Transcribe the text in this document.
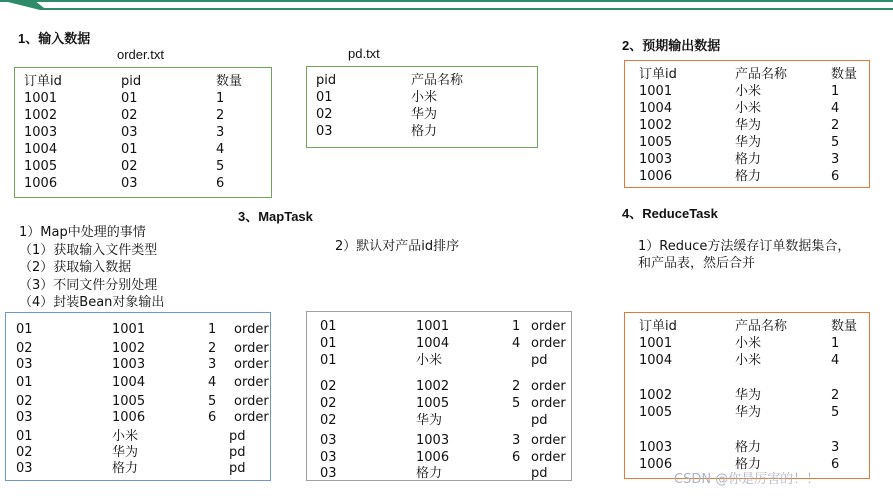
1、输入数据	2、预期输出数据
3、MapTask	4、ReduceTask
order.txt	pd.txt
订单id	pid	数量
1001	01	1
1002	02	2
1003	03	3
1004	01	4
1005	02	5
1006	03	6
pid	产品名称
01	小米
02	华为
03	格力
订单id	产品名称	数量
1001	小米	1
1004	小米	4
1002	华为	2
1005	华为	5
1003	格力	3
1006	格力	6
1）Map中处理的事情
（1）获取输入文件类型
（2）获取输入数据
（3）不同文件分别处理
（4）封装Bean对象输出
2）默认对产品id排序	1）Reduce方法缓存订单数据集合，
和产品表，然后合并
01	1001	1 order
02	1002	2 order
03	1003	3 order
01	1004	4 order
02	1005	5 order
03	1006	6 order
01	小米	pd
02	华为	pd
03	格力	pd
01	1001	1 order
01	1004	4 order
01	小米	pd
02	1002	2 order
02	1005	5 order
02	华为	pd
03	1003	3 order
03	1006	6 order
03	格力	pd
订单id	产品名称	数量
1001	小米	1
1004	小米	4
1002	华为	2
1005	华为	5
1003	格力	3
1006	格力	6
CSDN @你是厉害的！！
